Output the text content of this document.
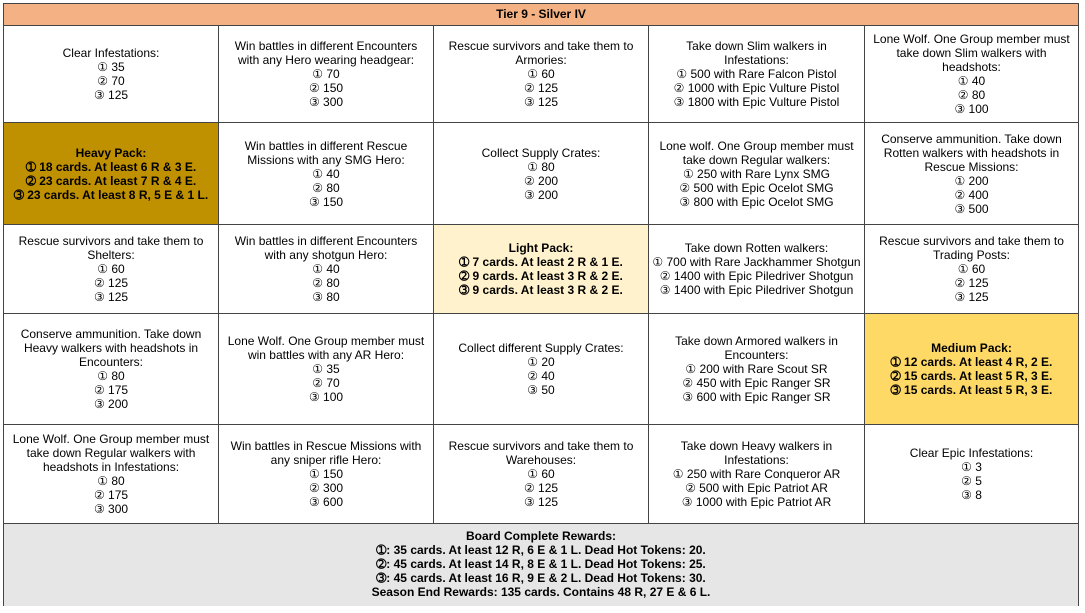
Tier 9 - Silver IV
Clear Infestations:
① 35
② 70
③ 125
Win battles in different Encounters with any Hero wearing headgear:
① 70
② 150
③ 300
Rescue survivors and take them to Armories:
① 60
② 125
③ 125
Take down Slim walkers in Infestations:
① 500 with Rare Falcon Pistol
② 1000 with Epic Vulture Pistol
③ 1800 with Epic Vulture Pistol
Lone Wolf. One Group member must take down Slim walkers with headshots:
① 40
② 80
③ 100
Heavy Pack:
➀ 18 cards. At least 6 R & 3 E.
➁ 23 cards. At least 7 R & 4 E.
➂ 23 cards. At least 8 R, 5 E & 1 L.
Win battles in different Rescue Missions with any SMG Hero:
① 40
② 80
③ 150
Collect Supply Crates:
① 80
② 200
③ 200
Lone wolf. One Group member must take down Regular walkers:
① 250 with Rare Lynx SMG
② 500 with Epic Ocelot SMG
③ 800 with Epic Ocelot SMG
Conserve ammunition. Take down Rotten walkers with headshots in Rescue Missions:
① 200
② 400
③ 500
Rescue survivors and take them to Shelters:
① 60
② 125
③ 125
Win battles in different Encounters with any shotgun Hero:
① 40
② 80
③ 80
Light Pack:
➀ 7 cards. At least 2 R & 1 E.
➁ 9 cards. At least 3 R & 2 E.
➂ 9 cards. At least 3 R & 2 E.
Take down Rotten walkers:
① 700 with Rare Jackhammer Shotgun
② 1400 with Epic Piledriver Shotgun
③ 1400 with Epic Piledriver Shotgun
Rescue survivors and take them to Trading Posts:
① 60
② 125
③ 125
Conserve ammunition. Take down Heavy walkers with headshots in Encounters:
① 80
② 175
③ 200
Lone Wolf. One Group member must win battles with any AR Hero:
① 35
② 70
③ 100
Collect different Supply Crates:
① 20
② 40
③ 50
Take down Armored walkers in Encounters:
① 200 with Rare Scout SR
② 450 with Epic Ranger SR
③ 600 with Epic Ranger SR
Medium Pack:
➀ 12 cards. At least 4 R, 2 E.
➁ 15 cards. At least 5 R, 3 E.
➂ 15 cards. At least 5 R, 3 E.
Lone Wolf. One Group member must take down Regular walkers with headshots in Infestations:
① 80
② 175
③ 300
Win battles in Rescue Missions with any sniper rifle Hero:
① 150
② 300
③ 600
Rescue survivors and take them to Warehouses:
① 60
② 125
③ 125
Take down Heavy walkers in Infestations:
① 250 with Rare Conqueror AR
② 500 with Epic Patriot AR
③ 1000 with Epic Patriot AR
Clear Epic Infestations:
① 3
② 5
③ 8
Board Complete Rewards:
➀: 35 cards. At least 12 R, 6 E & 1 L. Dead Hot Tokens: 20.
➁: 45 cards. At least 14 R, 8 E & 1 L. Dead Hot Tokens: 25.
➂: 45 cards. At least 16 R, 9 E & 2 L. Dead Hot Tokens: 30.
Season End Rewards: 135 cards. Contains 48 R, 27 E & 6 L.
